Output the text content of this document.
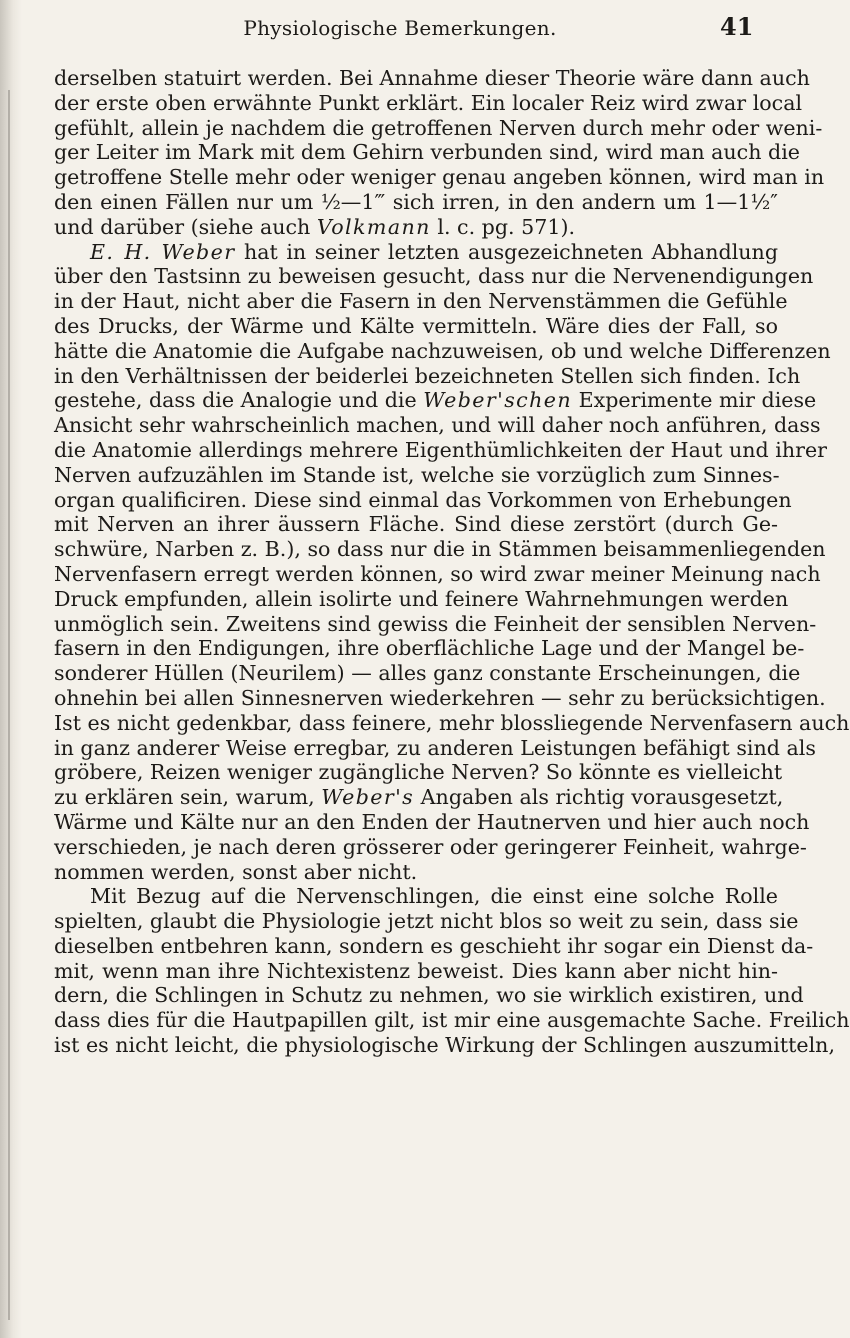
Physiologische Bemerkungen.	41
derselben statuirt werden. Bei Annahme dieser Theorie wäre dann auch
der erste oben erwähnte Punkt erklärt. Ein localer Reiz wird zwar local
gefühlt, allein je nachdem die getroffenen Nerven durch mehr oder weni-
ger Leiter im Mark mit dem Gehirn verbunden sind, wird man auch die
getroffene Stelle mehr oder weniger genau angeben können, wird man in
den einen Fällen nur um ½—1‴ sich irren, in den andern um 1—1½″
und darüber (siehe auch Volkmann l. c. pg. 571).
E. H. Weber hat in seiner letzten ausgezeichneten Abhandlung
über den Tastsinn zu beweisen gesucht, dass nur die Nervenendigungen
in der Haut, nicht aber die Fasern in den Nervenstämmen die Gefühle
des Drucks, der Wärme und Kälte vermitteln. Wäre dies der Fall, so
hätte die Anatomie die Aufgabe nachzuweisen, ob und welche Differenzen
in den Verhältnissen der beiderlei bezeichneten Stellen sich finden. Ich
gestehe, dass die Analogie und die Weber'schen Experimente mir diese
Ansicht sehr wahrscheinlich machen, und will daher noch anführen, dass
die Anatomie allerdings mehrere Eigenthümlichkeiten der Haut und ihrer
Nerven aufzuzählen im Stande ist, welche sie vorzüglich zum Sinnes-
organ qualificiren. Diese sind einmal das Vorkommen von Erhebungen
mit Nerven an ihrer äussern Fläche. Sind diese zerstört (durch Ge-
schwüre, Narben z. B.), so dass nur die in Stämmen beisammenliegenden
Nervenfasern erregt werden können, so wird zwar meiner Meinung nach
Druck empfunden, allein isolirte und feinere Wahrnehmungen werden
unmöglich sein. Zweitens sind gewiss die Feinheit der sensiblen Nerven-
fasern in den Endigungen, ihre oberflächliche Lage und der Mangel be-
sonderer Hüllen (Neurilem) — alles ganz constante Erscheinungen, die
ohnehin bei allen Sinnesnerven wiederkehren — sehr zu berücksichtigen.
Ist es nicht gedenkbar, dass feinere, mehr blossliegende Nervenfasern auch
in ganz anderer Weise erregbar, zu anderen Leistungen befähigt sind als
gröbere, Reizen weniger zugängliche Nerven? So könnte es vielleicht
zu erklären sein, warum, Weber's Angaben als richtig vorausgesetzt,
Wärme und Kälte nur an den Enden der Hautnerven und hier auch noch
verschieden, je nach deren grösserer oder geringerer Feinheit, wahrge-
nommen werden, sonst aber nicht.
Mit Bezug auf die Nervenschlingen, die einst eine solche Rolle
spielten, glaubt die Physiologie jetzt nicht blos so weit zu sein, dass sie
dieselben entbehren kann, sondern es geschieht ihr sogar ein Dienst da-
mit, wenn man ihre Nichtexistenz beweist. Dies kann aber nicht hin-
dern, die Schlingen in Schutz zu nehmen, wo sie wirklich existiren, und
dass dies für die Hautpapillen gilt, ist mir eine ausgemachte Sache. Freilich
ist es nicht leicht, die physiologische Wirkung der Schlingen auszumitteln,
